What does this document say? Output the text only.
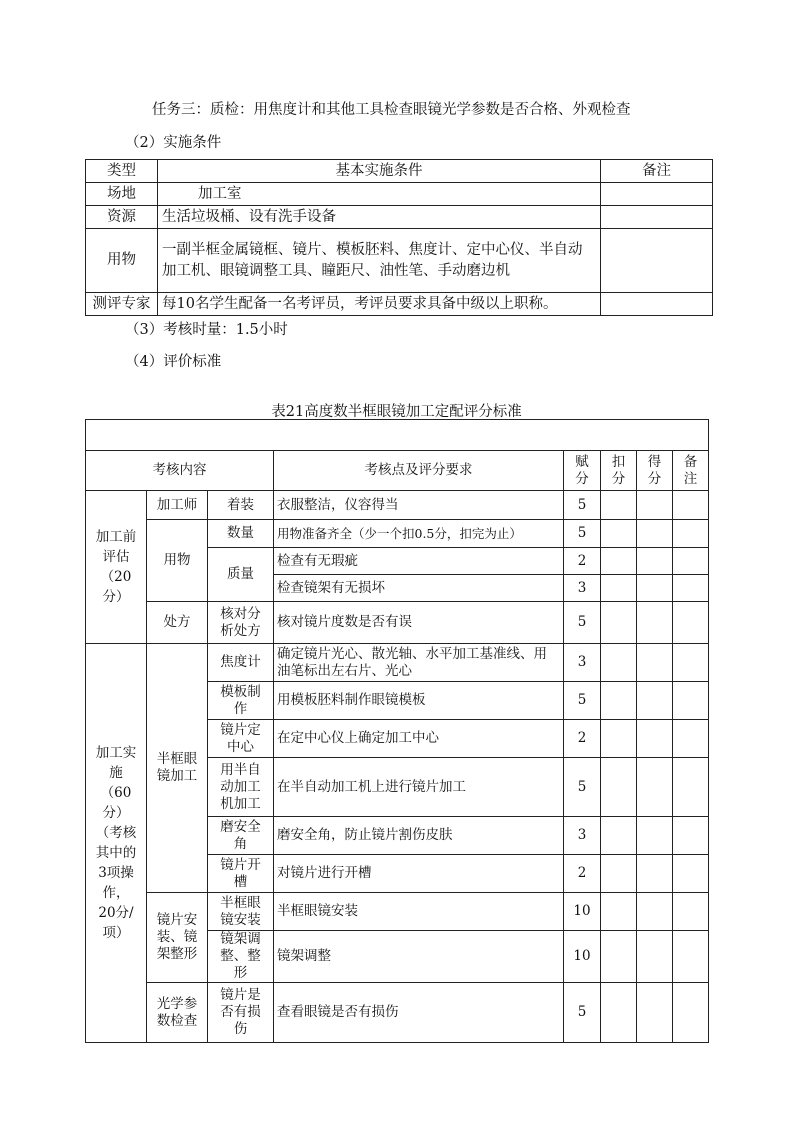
任务三：质检：用焦度计和其他工具检查眼镜光学参数是否合格、外观检查
（2）实施条件
类型	基本实施条件	备注
场地	加工室	
资源	生活垃圾桶、设有洗手设备	
用物	一副半框金属镜框、镜片、模板胚料、焦度计、定中心仪、半自动加工机、眼镜调整工具、瞳距尺、油性笔、手动磨边机	
测评专家	每10名学生配备一名考评员，考评员要求具备中级以上职称。	
（3）考核时量：1.5小时
（4）评价标准
表21高度数半框眼镜加工定配评分标准

考核内容			考核点及评分要求	赋分	扣分	得分	备注
加工前评估（20分）	加工师	着装	衣服整洁，仪容得当	5			
	用物	数量	用物准备齐全（少一个扣0.5分，扣完为止）	5			
		质量	检查有无瑕疵	2			
			检查镜架有无损坏	3			
	处方	核对分析处方	核对镜片度数是否有误	5			
加工实施（60分）（考核其中的3项操作，20分/项）	半框眼镜加工	焦度计	确定镜片光心、散光轴、水平加工基准线、用油笔标出左右片、光心	3			
		模板制作	用模板胚料制作眼镜模板	5			
		镜片定中心	在定中心仪上确定加工中心	2			
		用半自动加工机加工	在半自动加工机上进行镜片加工	5			
		磨安全角	磨安全角，防止镜片割伤皮肤	3			
		镜片开槽	对镜片进行开槽	2			
	镜片安装、镜架整形	半框眼镜安装	半框眼镜安装	10			
		镜架调整、整形	镜架调整	10			
	光学参数检查	镜片是否有损伤	查看眼镜是否有损伤	5			
